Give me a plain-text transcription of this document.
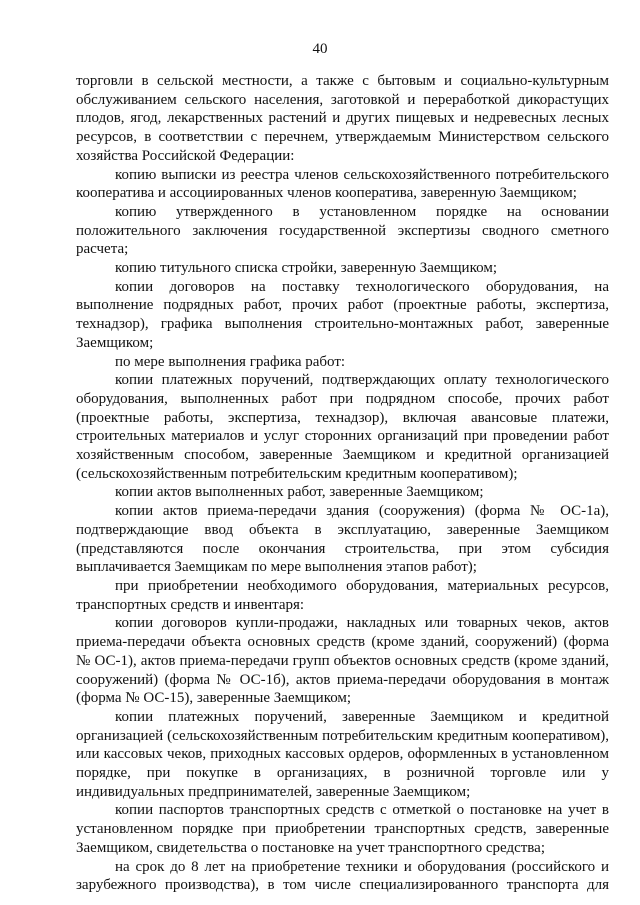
40

торговли в сельской местности, а также с бытовым и социально-культурным обслуживанием сельского населения, заготовкой и переработкой дикорастущих плодов, ягод, лекарственных растений и других пищевых и недревесных лесных ресурсов, в соответствии с перечнем, утверждаемым Министерством сельского хозяйства Российской Федерации:

копию выписки из реестра членов сельскохозяйственного потребительского кооператива и ассоциированных членов кооператива, заверенную Заемщиком;

копию утвержденного в установленном порядке на основании положительного заключения государственной экспертизы сводного сметного расчета;

копию титульного списка стройки, заверенную Заемщиком;

копии договоров на поставку технологического оборудования, на выполнение подрядных работ, прочих работ (проектные работы, экспертиза, технадзор), графика выполнения строительно-монтажных работ, заверенные Заемщиком;

по мере выполнения графика работ:

копии платежных поручений, подтверждающих оплату технологического оборудования, выполненных работ при подрядном способе, прочих работ (проектные работы, экспертиза, технадзор), включая авансовые платежи, строительных материалов и услуг сторонних организаций при проведении работ хозяйственным способом, заверенные Заемщиком и кредитной организацией (сельскохозяйственным потребительским кредитным кооперативом);

копии актов выполненных работ, заверенные Заемщиком;

копии актов приема-передачи здания (сооружения) (форма № ОС-1а), подтверждающие ввод объекта в эксплуатацию, заверенные Заемщиком (представляются после окончания строительства, при этом субсидия выплачивается Заемщикам по мере выполнения этапов работ);

при приобретении необходимого оборудования, материальных ресурсов, транспортных средств и инвентаря:

копии договоров купли-продажи, накладных или товарных чеков, актов приема-передачи объекта основных средств (кроме зданий, сооружений) (форма № ОС-1), актов приема-передачи групп объектов основных средств (кроме зданий, сооружений) (форма № ОС-1б), актов приема-передачи оборудования в монтаж (форма № ОС-15), заверенные Заемщиком;

копии платежных поручений, заверенные Заемщиком и кредитной организацией (сельскохозяйственным потребительским кредитным кооперативом), или кассовых чеков, приходных кассовых ордеров, оформленных в установленном порядке, при покупке в организациях, в розничной торговле или у индивидуальных предпринимателей, заверенные Заемщиком;

копии паспортов транспортных средств с отметкой о постановке на учет в установленном порядке при приобретении транспортных средств, заверенные Заемщиком, свидетельства о постановке на учет транспортного средства;

на срок до 8 лет на приобретение техники и оборудования (российского и зарубежного производства), в том числе специализированного транспорта для
